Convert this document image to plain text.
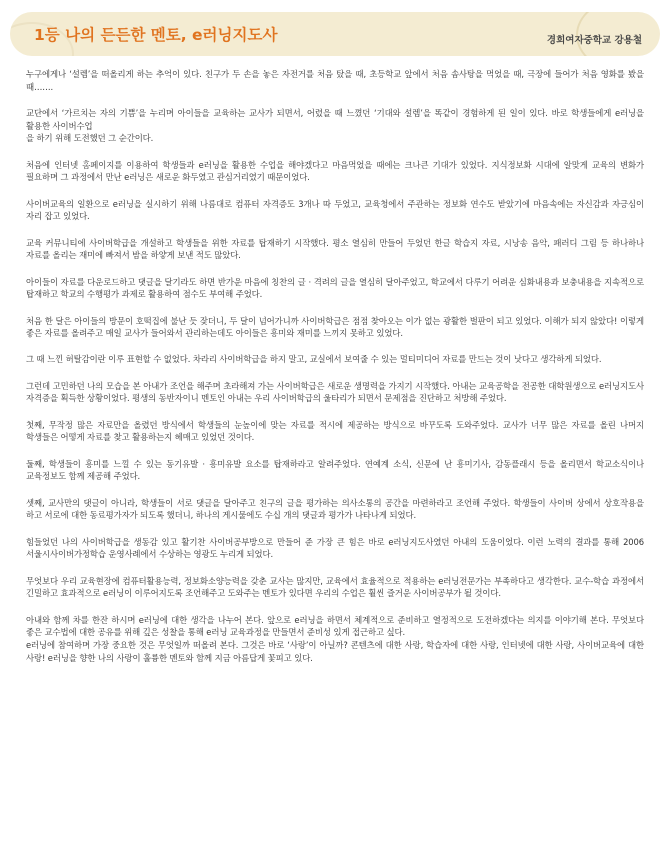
1등 나의 든든한 멘토, e러닝지도사	경희여자중학교 강용철

누구에게나 ‘설렘’을 떠올리게 하는 추억이 있다. 친구가 두 손을 놓은 자전거를 처음 탔을 때, 초등학교 앞에서 처음 솜사탕을 먹었을 때, 극장에 들어가 처음 영화를 봤을 때…….

교단에서 ‘가르치는 자의 기쁨’을 누리며 아이들을 교육하는 교사가 되면서, 어렸을 때 느꼈던 ‘기대와 설렘’을 똑같이 경험하게 된 일이 있다. 바로 학생들에게 e러닝을 활용한 사이버수업
을 하기 위해 도전했던 그 순간이다.

처음에 인터넷 홈페이지를 이용하여 학생들과 e러닝을 활용한 수업을 해야겠다고 마음먹었을 때에는 크나큰 기대가 있었다. 지식정보화 시대에 알맞게 교육의 변화가 필요하며 그 과정에서 만난 e러닝은 새로운 화두였고 관심거리였기 때문이었다.

사이버교육의 일환으로 e러닝을 실시하기 위해 나름대로 컴퓨터 자격증도 3개나 따 두었고, 교육청에서 주관하는 정보화 연수도 받았기에 마음속에는 자신감과 자긍심이 자리 잡고 있었다.

교육 커뮤니티에 사이버학급을 개설하고 학생들을 위한 자료를 탑재하기 시작했다. 평소 열심히 만들어 두었던 한글 학습지 자료, 시낭송 음악, 패러디 그림 등 하나하나 자료를 올리는 재미에 빠져서 밤을 하얗게 보낸 적도 많았다.

아이들이 자료를 다운로드하고 댓글을 달기라도 하면 반가운 마음에 칭찬의 글 · 격려의 글을 열심히 달아주었고, 학교에서 다루기 어려운 심화내용과 보충내용을 지속적으로 탑재하고 학교의 수행평가 과제로 활용하여 점수도 부여해 주었다.

처음 한 달은 아이들의 방문이 호떡집에 불난 듯 잦더니, 두 달이 넘어가니까 사이버학급은 점점 찾아오는 이가 없는 광활한 벌판이 되고 있었다. 이해가 되지 않았다! 이렇게 좋은 자료를 올려주고 매일 교사가 들어와서 관리하는데도 아이들은 흥미와 재미를 느끼지 못하고 있었다.

그 때 느낀 허탈감이란 이루 표현할 수 없었다. 차라리 사이버학급을 하지 말고, 교실에서 보여줄 수 있는 멀티미디어 자료를 만드는 것이 낫다고 생각하게 되었다.

그런데 고민하던 나의 모습을 본 아내가 조언을 해주며 초라해져 가는 사이버학급은 새로운 생명력을 가지기 시작했다. 아내는 교육공학을 전공한 대학원생으로 e러닝지도사 자격증을 획득한 상황이었다. 평생의 동반자이니 멘토인 아내는 우리 사이버학급의 울타리가 되면서 문제점을 진단하고 처방해 주었다.

첫째, 무작정 많은 자료만을 올렸던 방식에서 학생들의 눈높이에 맞는 자료를 적시에 제공하는 방식으로 바꾸도록 도와주었다. 교사가 너무 많은 자료를 올린 나머지 학생들은 어떻게 자료를 찾고 활용하는지 헤매고 있었던 것이다.

둘째, 학생들이 흥미를 느낄 수 있는 동기유발 · 흥미유발 요소를 탑재하라고 알려주었다. 연예계 소식, 신문에 난 흥미기사, 감동플래시 등을 올리면서 학교소식이나 교육정보도 함께 제공해 주었다.

셋째, 교사만의 댓글이 아니라, 학생들이 서로 댓글을 달아주고 친구의 글을 평가하는 의사소통의 공간을 마련하라고 조언해 주었다. 학생들이 사이버 상에서 상호작용을 하고 서로에 대한 동료평가자가 되도록 했더니, 하나의 게시물에도 수십 개의 댓글과 평가가 나타나게 되었다.

힘들었던 나의 사이버학급을 생동감 있고 활기찬 사이버공부방으로 만들어 준 가장 큰 힘은 바로 e러닝지도사였던 아내의 도움이었다. 이런 노력의 결과를 통해 2006 서울시사이버가정학습 운영사례에서 수상하는 영광도 누리게 되었다.

무엇보다 우리 교육현장에 컴퓨터활용능력, 정보화소양능력을 갖춘 교사는 많지만, 교육에서 효율적으로 적용하는 e러닝전문가는 부족하다고 생각한다. 교수-학습 과정에서 긴밀하고 효과적으로 e러닝이 이루어지도록 조언해주고 도와주는 멘토가 있다면 우리의 수업은 훨씬 즐거운 사이버공부가 될 것이다.

아내와 함께 차를 한잔 하시며 e러닝에 대한 생각을 나누어 본다. 앞으로 e러닝을 하면서 체계적으로 준비하고 열정적으로 도전하겠다는 의지를 이야기해 본다. 무엇보다 좋은 교수법에 대한 공유를 위해 깊은 성찰을 통해 e러닝 교육과정을 만들면서 준비성 있게 접근하고 싶다.
e러닝에 참여하며 가장 중요한 것은 무엇일까 떠올려 본다. 그것은 바로 ‘사랑’이 아닐까? 콘텐츠에 대한 사랑, 학습자에 대한 사랑, 인터넷에 대한 사랑, 사이버교육에 대한 사랑! e러닝을 향한 나의 사랑이 훌륭한 멘토와 함께 지금 아름답게 꽃피고 있다.
